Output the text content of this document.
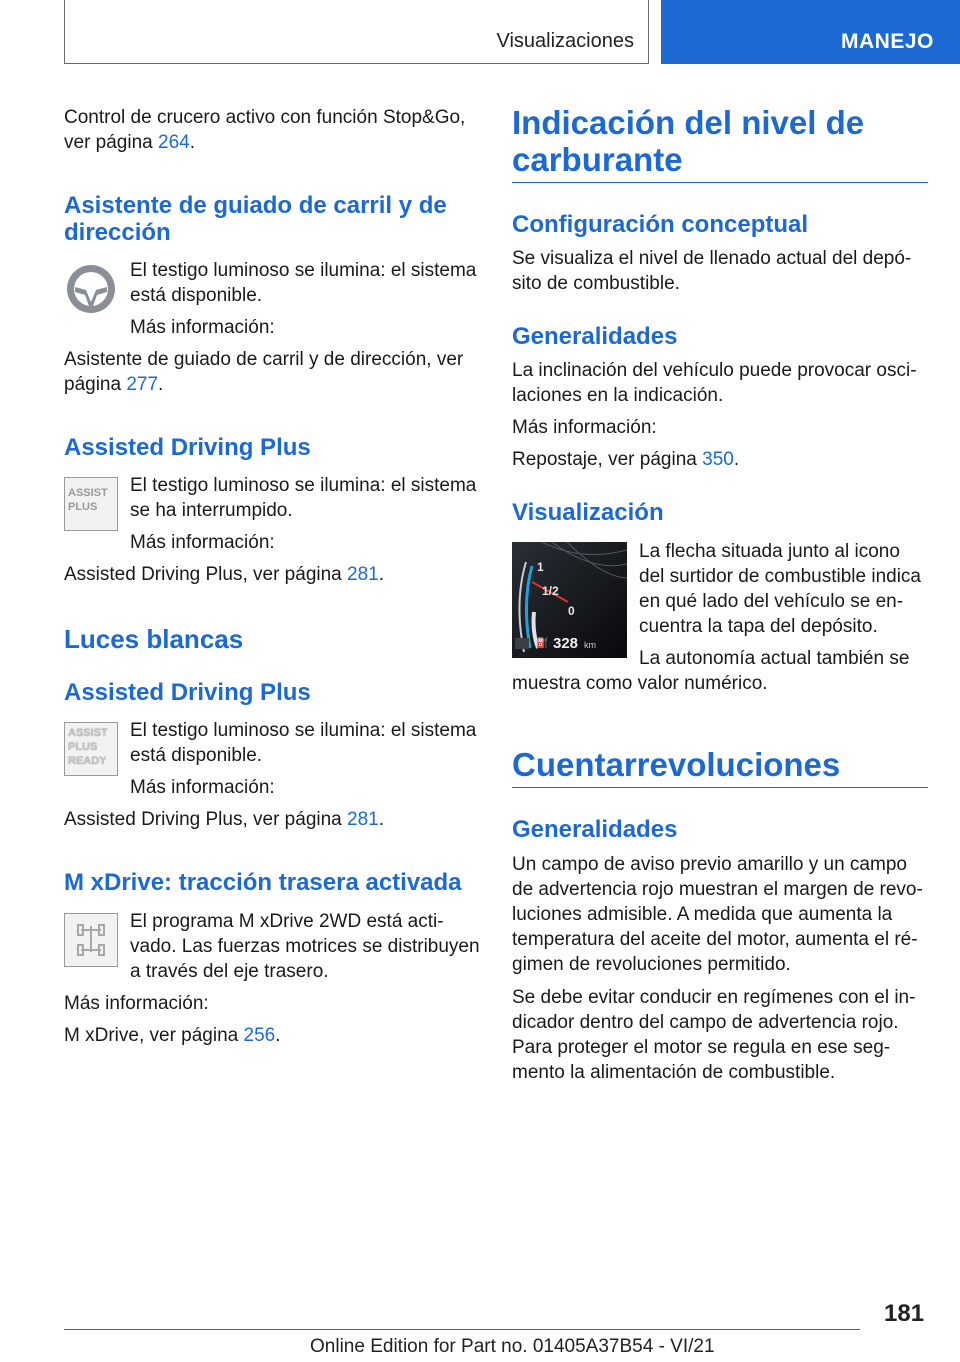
Visualizaciones	MANEJO
Control de crucero activo con función Stop&Go,
ver página 264.
Asistente de guiado de carril y de
dirección
El testigo luminoso se ilumina: el sistema
está disponible.
Más información:
Asistente de guiado de carril y de dirección, ver
página 277.
Assisted Driving Plus
ASSIST
PLUS
El testigo luminoso se ilumina: el sistema
se ha interrumpido.
Más información:
Assisted Driving Plus, ver página 281.
Luces blancas
Assisted Driving Plus
ASSIST
PLUS
READY
El testigo luminoso se ilumina: el sistema
está disponible.
Más información:
Assisted Driving Plus, ver página 281.
M xDrive: tracción trasera activada
El programa M xDrive 2WD está acti-
vado. Las fuerzas motrices se distribuyen
a través del eje trasero.
Más información:
M xDrive, ver página 256.
Indicación del nivel de
carburante
Configuración conceptual
Se visualiza el nivel de llenado actual del depó-
sito de combustible.
Generalidades
La inclinación del vehículo puede provocar osci-
laciones en la indicación.
Más información:
Repostaje, ver página 350.
Visualización
1
1/2
0
⛽ 328 km
La flecha situada junto al icono
del surtidor de combustible indica
en qué lado del vehículo se en-
cuentra la tapa del depósito.
La autonomía actual también se
muestra como valor numérico.
Cuentarrevoluciones
Generalidades
Un campo de aviso previo amarillo y un campo
de advertencia rojo muestran el margen de revo-
luciones admisible. A medida que aumenta la
temperatura del aceite del motor, aumenta el ré-
gimen de revoluciones permitido.
Se debe evitar conducir en regímenes con el in-
dicador dentro del campo de advertencia rojo.
Para proteger el motor se regula en ese seg-
mento la alimentación de combustible.
181
Online Edition for Part no. 01405A37B54 - VI/21
